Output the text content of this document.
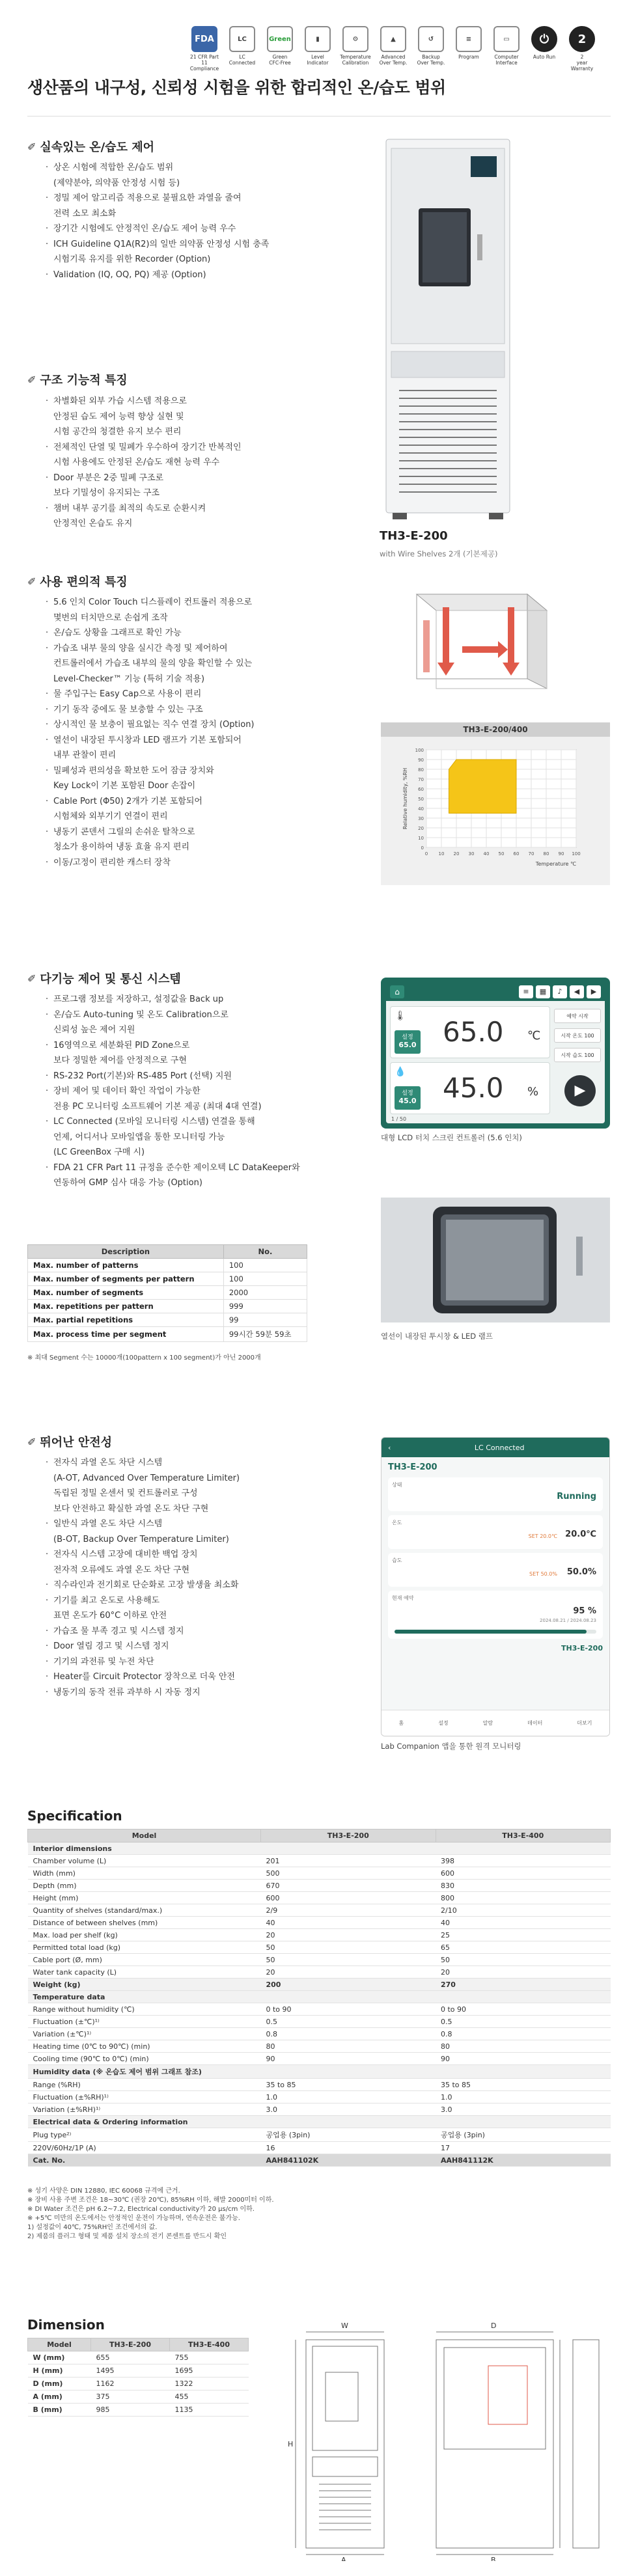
FDA
21 CFR Part 11
Compliance
LC
LC
Connected
Green
Green
CFC-Free
▮
Level
Indicator
⚙
Temperature
Calibration
▲
Advanced
Over Temp.
↺
Backup
Over Temp.
≡
Program
▭
Computer
Interface
⏻
Auto Run
2
2
year
Warranty
생산품의 내구성, 신뢰성 시험을 위한 합리적인 온/습도 범위
✐ 실속있는 온/습도 제어
· 상온 시험에 적합한 온/습도 범위
(제약분야, 의약품 안정성 시험 등)
· 정밀 제어 알고리즘 적용으로 불필요한 과열을 줄여
전력 소모 최소화
· 장기간 시험에도 안정적인 온/습도 제어 능력 우수
· ICH Guideline Q1A(R2)의 일반 의약품 안정성 시험 충족
시험기록 유지를 위한 Recorder (Option)
· Validation (IQ, OQ, PQ) 제공 (Option)
✐ 구조 기능적 특징
· 차별화된 외부 가습 시스템 적용으로
안정된 습도 제어 능력 향상 실현 및
시험 공간의 청결한 유지 보수 편리
· 전체적인 단열 및 밀폐가 우수하여 장기간 반복적인
시험 사용에도 안정된 온/습도 재현 능력 우수
· Door 부분은 2중 밀폐 구조로
보다 기밀성이 유지되는 구조
· 챔버 내부 공기를 최적의 속도로 순환시켜
안정적인 온습도 유지
✐ 사용 편의적 특징
· 5.6 인치 Color Touch 디스플레이 컨트롤러 적용으로
몇번의 터치만으로 손쉽게 조작
· 온/습도 상황을 그래프로 확인 가능
· 가습조 내부 물의 양을 실시간 측정 및 제어하여
컨트롤러에서 가습조 내부의 물의 양을 확인할 수 있는
Level-Checker™ 기능 (특허 기술 적용)
· 물 주입구는 Easy Cap으로 사용이 편리
· 기기 동작 중에도 물 보충할 수 있는 구조
· 상시적인 물 보충이 필요없는 직수 연결 장치 (Option)
· 열선이 내장된 투시창과 LED 램프가 기본 포함되어
내부 관찰이 편리
· 밀폐성과 편의성을 확보한 도어 잠금 장치와
Key Lock이 기본 포함된 Door 손잡이
· Cable Port (Φ50) 2개가 기본 포함되어
시험체와 외부기기 연결이 편리
· 냉동기 콘덴서 그릴의 손쉬운 탈착으로
청소가 용이하여 냉동 효율 유지 편리
· 이동/고정이 편리한 캐스터 장착
TH3-E-200
with Wire Shelves 2개 (기본제공)
TH3-E-200/400
0 10 20 30 40 50 60 70 80 90 100
0
10
20
30
40
50
60
70
80
90
100
Temperature ℃
Relative humidity, %RH
✐ 다기능 제어 및 통신 시스템
· 프로그램 정보를 저장하고, 설정값을 Back up
· 온/습도 Auto-tuning 및 온도 Calibration으로
신뢰성 높은 제어 지원
· 16영역으로 세분화된 PID Zone으로
보다 정밀한 제어를 안정적으로 구현
· RS-232 Port(기본)와 RS-485 Port (선택) 지원
· 장비 제어 및 데이터 확인 작업이 가능한
전용 PC 모니터링 소프트웨어 기본 제공 (최대 4대 연결)
· LC Connected (모바일 모니터링 시스템) 연결을 통해
언제, 어디서나 모바일앱을 통한 모니터링 가능
(LC GreenBox 구매 시)
· FDA 21 CFR Part 11 규정을 준수한 제이오텍 LC DataKeeper와
연동하여 GMP 심사 대응 가능 (Option)
⌂	≡	▦	♪	◀	▶
🌡
설정
65.0 65.0 ℃
💧
설정
45.0 45.0 %
예약 시작
시작 온도 100
시작 습도 100
▶
1 / 50
대형 LCD 터치 스크린 컨트롤러 (5.6 인치)
Description	No.
Max. number of patterns	100
Max. number of segments per pattern	100
Max. number of segments	2000
Max. repetitions per pattern	999
Max. partial repetitions	99
Max. process time per segment	99시간 59분 59초
※ 최대 Segment 수는 10000개(100pattern x 100 segment)가 아닌 2000개
열선이 내장된 투시창 & LED 램프
✐ 뛰어난 안전성
· 전자식 과열 온도 차단 시스템
(A-OT, Advanced Over Temperature Limiter)
독립된 정밀 온센서 및 컨트롤러로 구성
보다 안전하고 확실한 과열 온도 차단 구현
· 일반식 과열 온도 차단 시스템
(B-OT, Backup Over Temperature Limiter)
· 전자식 시스템 고장에 대비한 백업 장치
전자적 오류에도 과열 온도 차단 구현
· 직수라인과 전기회로 단순화로 고장 발생율 최소화
· 기기를 최고 온도로 사용해도
표면 온도가 60°C 이하로 안전
· 가습조 물 부족 경고 및 시스템 정지
· Door 열림 경고 및 시스템 정지
· 기기의 과전류 및 누전 차단
· Heater를 Circuit Protector 장착으로 더욱 안전
· 냉동기의 동작 전류 과부하 시 자동 정지
‹	LC Connected
TH3-E-200
상태
Running
온도
SET 20.0℃ 20.0℃
습도
SET 50.0% 50.0%
현재 예약
95 %
2024.08.21 / 2024.08.23
TH3-E-200
홈	설정	알람	데이터	더보기
Lab Companion 앱을 통한 원격 모니터링
Specification
Model	TH3-E-200	TH3-E-400
Interior dimensions		
Chamber volume (L)	201	398
Width (mm)	500	600
Depth (mm)	670	830
Height (mm)	600	800
Quantity of shelves (standard/max.)	2/9	2/10
Distance of between shelves (mm)	40	40
Max. load per shelf (kg)	20	25
Permitted total load (kg)	50	65
Cable port (Ø, mm)	50	50
Water tank capacity (L)	20	20
Weight (kg)	200	270
Temperature data		
Range without humidity (℃)	0 to 90	0 to 90
Fluctuation (±℃)¹⁾	0.5	0.5
Variation (±℃)¹⁾	0.8	0.8
Heating time (0℃ to 90℃) (min)	80	80
Cooling time (90℃ to 0℃) (min)	90	90
Humidity data (※ 온습도 제어 범위 그래프 참조)		
Range (%RH)	35 to 85	35 to 85
Fluctuation (±%RH)¹⁾	1.0	1.0
Variation (±%RH)¹⁾	3.0	3.0
Electrical data & Ordering information		
Plug type²⁾	공업용 (3pin)	공업용 (3pin)
220V/60Hz/1P (A)	16	17
Cat. No.	AAH841102K	AAH841112K
※ 성기 사양은 DIN 12880, IEC 60068 규격에 근거.
※ 장비 사용 주변 조건은 18~30℃ (권장 20℃), 85%RH 이하, 해발 2000미터 이하.
※ DI Water 조건은 pH 6.2~7.2, Electrical conductivity가 20 μs/cm 이하.
※ +5℃ 미만의 온도에서는 안정적인 운전이 가능하며, 연속운전은 불가능.
1) 설정값이 40℃, 75%RH인 조건에서의 값.
2) 제품의 플러그 형태 및 제품 설치 장소의 전기 콘센트를 반드시 확인
Dimension
Model	TH3-E-200	TH3-E-400
W (mm)	655	755
H (mm)	1495	1695
D (mm)	1162	1322
A (mm)	375	455
B (mm)	985	1135
W	D
H
A	B
